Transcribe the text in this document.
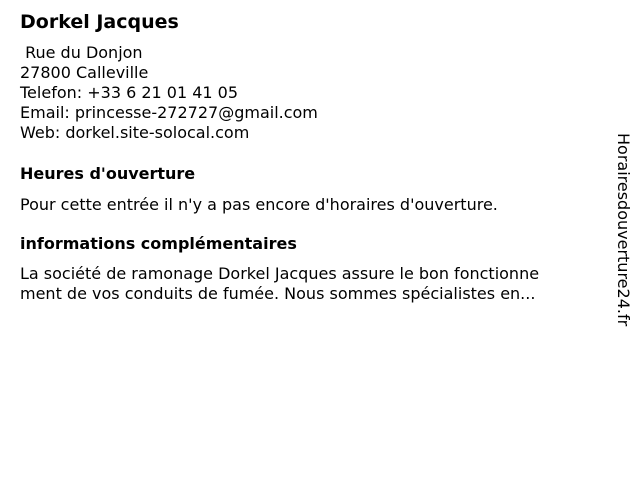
Dorkel Jacques
Rue du Donjon
27800 Calleville
Telefon: +33 6 21 01 41 05
Email: princesse-272727@gmail.com
Web: dorkel.site-solocal.com
Heures d'ouverture

Pour cette entrée il n'y a pas encore d'horaires d'ouverture.

informations complémentaires
La société de ramonage Dorkel Jacques assure le bon fonctionne
ment de vos conduits de fumée. Nous sommes spécialistes en...	Horairesdouverture24.fr
